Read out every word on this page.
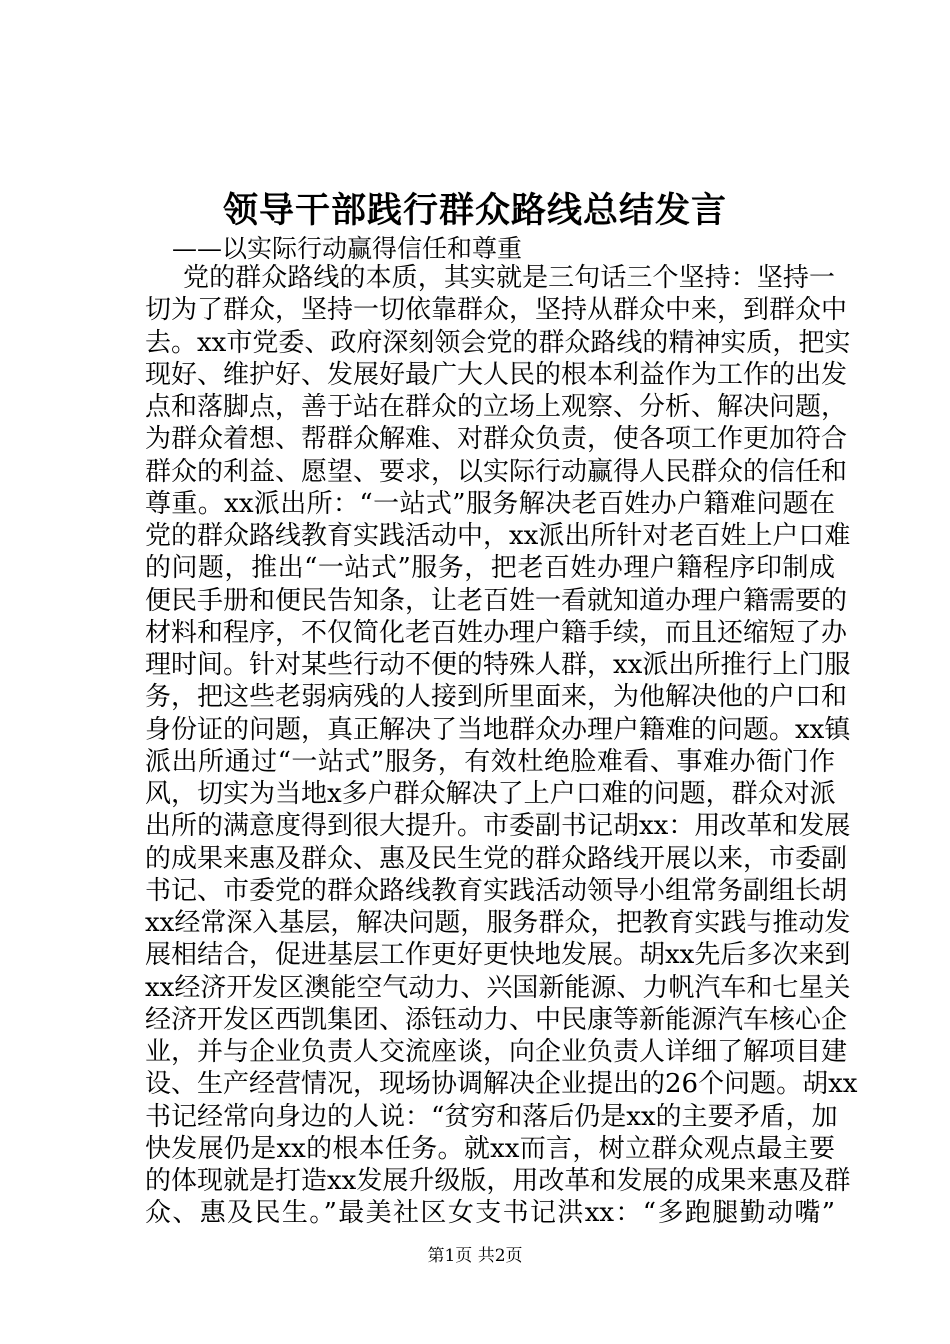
领导干部践行群众路线总结发言
——以实际行动赢得信任和尊重
党的群众路线的本质，其实就是三句话三个坚持：坚持一
切为了群众，坚持一切依靠群众，坚持从群众中来，到群众中
去。xx市党委、政府深刻领会党的群众路线的精神实质，把实
现好、维护好、发展好最广大人民的根本利益作为工作的出发
点和落脚点，善于站在群众的立场上观察、分析、解决问题，
为群众着想、帮群众解难、对群众负责，使各项工作更加符合
群众的利益、愿望、要求，以实际行动赢得人民群众的信任和
尊重。xx派出所：“一站式”服务解决老百姓办户籍难问题在
党的群众路线教育实践活动中，xx派出所针对老百姓上户口难
的问题，推出“一站式”服务，把老百姓办理户籍程序印制成
便民手册和便民告知条，让老百姓一看就知道办理户籍需要的
材料和程序，不仅简化老百姓办理户籍手续，而且还缩短了办
理时间。针对某些行动不便的特殊人群，xx派出所推行上门服
务，把这些老弱病残的人接到所里面来，为他解决他的户口和
身份证的问题，真正解决了当地群众办理户籍难的问题。xx镇
派出所通过“一站式”服务，有效杜绝脸难看、事难办衙门作
风，切实为当地x多户群众解决了上户口难的问题，群众对派
出所的满意度得到很大提升。市委副书记胡xx：用改革和发展
的成果来惠及群众、惠及民生党的群众路线开展以来，市委副
书记、市委党的群众路线教育实践活动领导小组常务副组长胡
xx经常深入基层，解决问题，服务群众，把教育实践与推动发
展相结合，促进基层工作更好更快地发展。胡xx先后多次来到
xx经济开发区澳能空气动力、兴国新能源、力帆汽车和七星关
经济开发区西凯集团、添钰动力、中民康等新能源汽车核心企
业，并与企业负责人交流座谈，向企业负责人详细了解项目建
设、生产经营情况，现场协调解决企业提出的26个问题。胡xx
书记经常向身边的人说：“贫穷和落后仍是xx的主要矛盾，加
快发展仍是xx的根本任务。就xx而言，树立群众观点最主要
的体现就是打造xx发展升级版，用改革和发展的成果来惠及群
众、惠及民生。”最美社区女支书记洪xx：“多跑腿勤动嘴”
第1页 共2页
